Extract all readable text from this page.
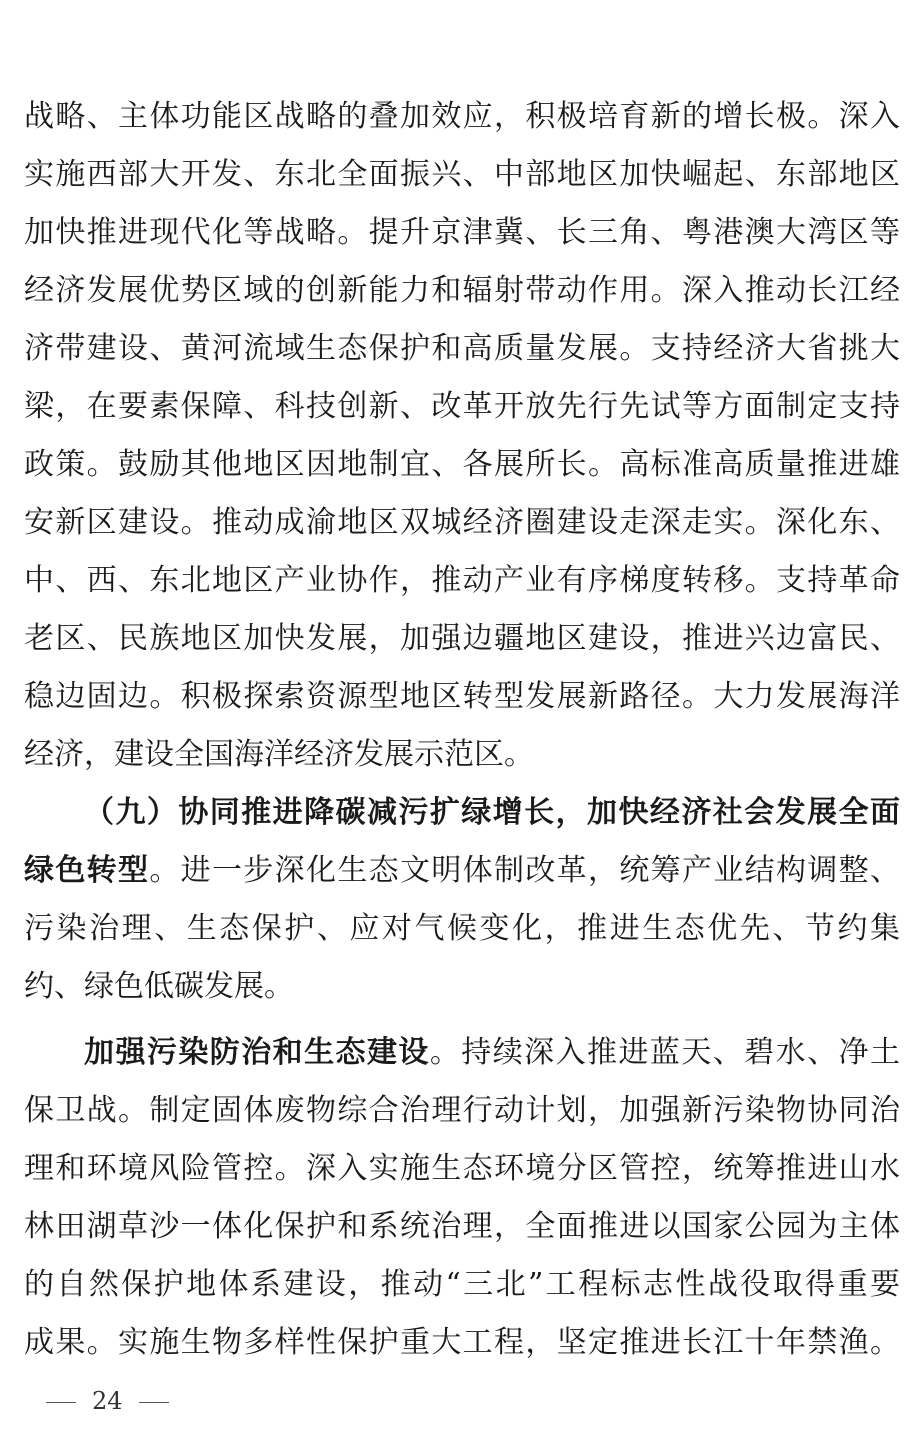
战略、主体功能区战略的叠加效应，积极培育新的增长极。深入
实施西部大开发、东北全面振兴、中部地区加快崛起、东部地区
加快推进现代化等战略。提升京津冀、长三角、粤港澳大湾区等
经济发展优势区域的创新能力和辐射带动作用。深入推动长江经
济带建设、黄河流域生态保护和高质量发展。支持经济大省挑大
梁，在要素保障、科技创新、改革开放先行先试等方面制定支持
政策。鼓励其他地区因地制宜、各展所长。高标准高质量推进雄
安新区建设。推动成渝地区双城经济圈建设走深走实。深化东、
中、西、东北地区产业协作，推动产业有序梯度转移。支持革命
老区、民族地区加快发展，加强边疆地区建设，推进兴边富民、
稳边固边。积极探索资源型地区转型发展新路径。大力发展海洋
经济，建设全国海洋经济发展示范区。
（九）协同推进降碳减污扩绿增长，加快经济社会发展全面
绿色转型。进一步深化生态文明体制改革，统筹产业结构调整、
污染治理、生态保护、应对气候变化，推进生态优先、节约集
约、绿色低碳发展。
加强污染防治和生态建设。持续深入推进蓝天、碧水、净土
保卫战。制定固体废物综合治理行动计划，加强新污染物协同治
理和环境风险管控。深入实施生态环境分区管控，统筹推进山水
林田湖草沙一体化保护和系统治理，全面推进以国家公园为主体
的自然保护地体系建设，推动“三北”工程标志性战役取得重要
成果。实施生物多样性保护重大工程，坚定推进长江十年禁渔。
24
